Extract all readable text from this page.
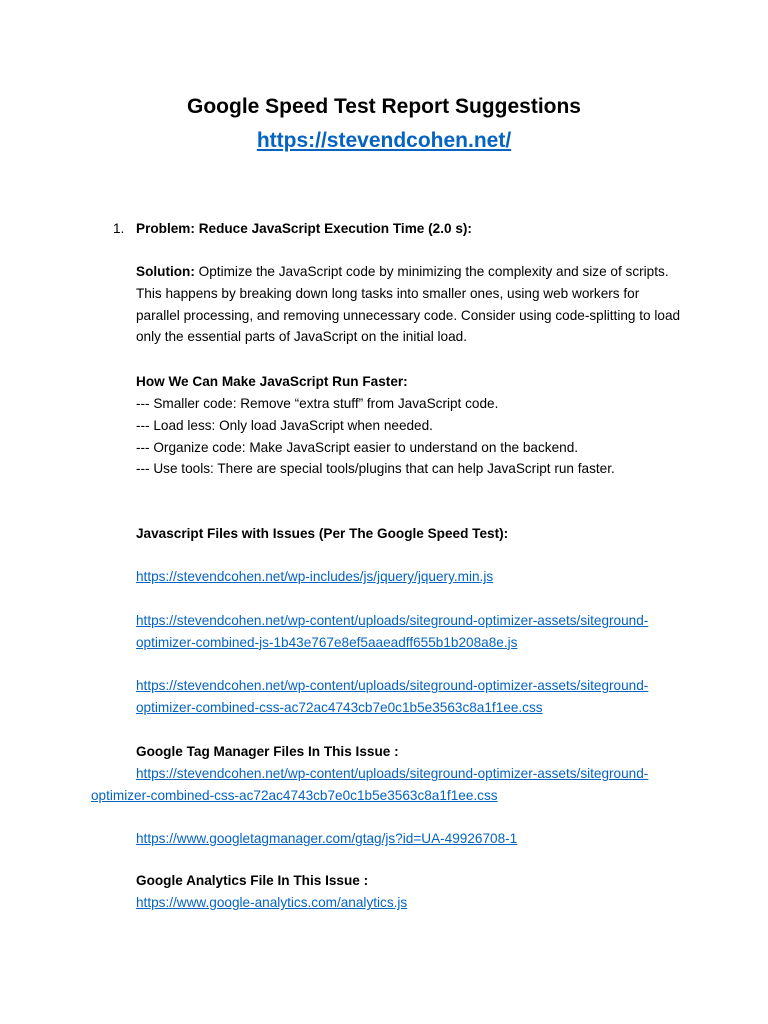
Google Speed Test Report Suggestions
https://stevendcohen.net/
1. Problem: Reduce JavaScript Execution Time (2.0 s):
Solution: Optimize the JavaScript code by minimizing the complexity and size of scripts. This happens by breaking down long tasks into smaller ones, using web workers for parallel processing, and removing unnecessary code. Consider using code-splitting to load only the essential parts of JavaScript on the initial load.
How We Can Make JavaScript Run Faster:
--- Smaller code: Remove “extra stuff” from JavaScript code.
--- Load less: Only load JavaScript when needed.
--- Organize code: Make JavaScript easier to understand on the backend.
--- Use tools: There are special tools/plugins that can help JavaScript run faster.
Javascript Files with Issues (Per The Google Speed Test):
https://stevendcohen.net/wp-includes/js/jquery/jquery.min.js
https://stevendcohen.net/wp-content/uploads/siteground-optimizer-assets/siteground-
optimizer-combined-js-1b43e767e8ef5aaeadff655b1b208a8e.js
https://stevendcohen.net/wp-content/uploads/siteground-optimizer-assets/siteground-
optimizer-combined-css-ac72ac4743cb7e0c1b5e3563c8a1f1ee.css
Google Tag Manager Files In This Issue :
https://stevendcohen.net/wp-content/uploads/siteground-optimizer-assets/siteground-
optimizer-combined-css-ac72ac4743cb7e0c1b5e3563c8a1f1ee.css
https://www.googletagmanager.com/gtag/js?id=UA-49926708-1
Google Analytics File In This Issue :
https://www.google-analytics.com/analytics.js
